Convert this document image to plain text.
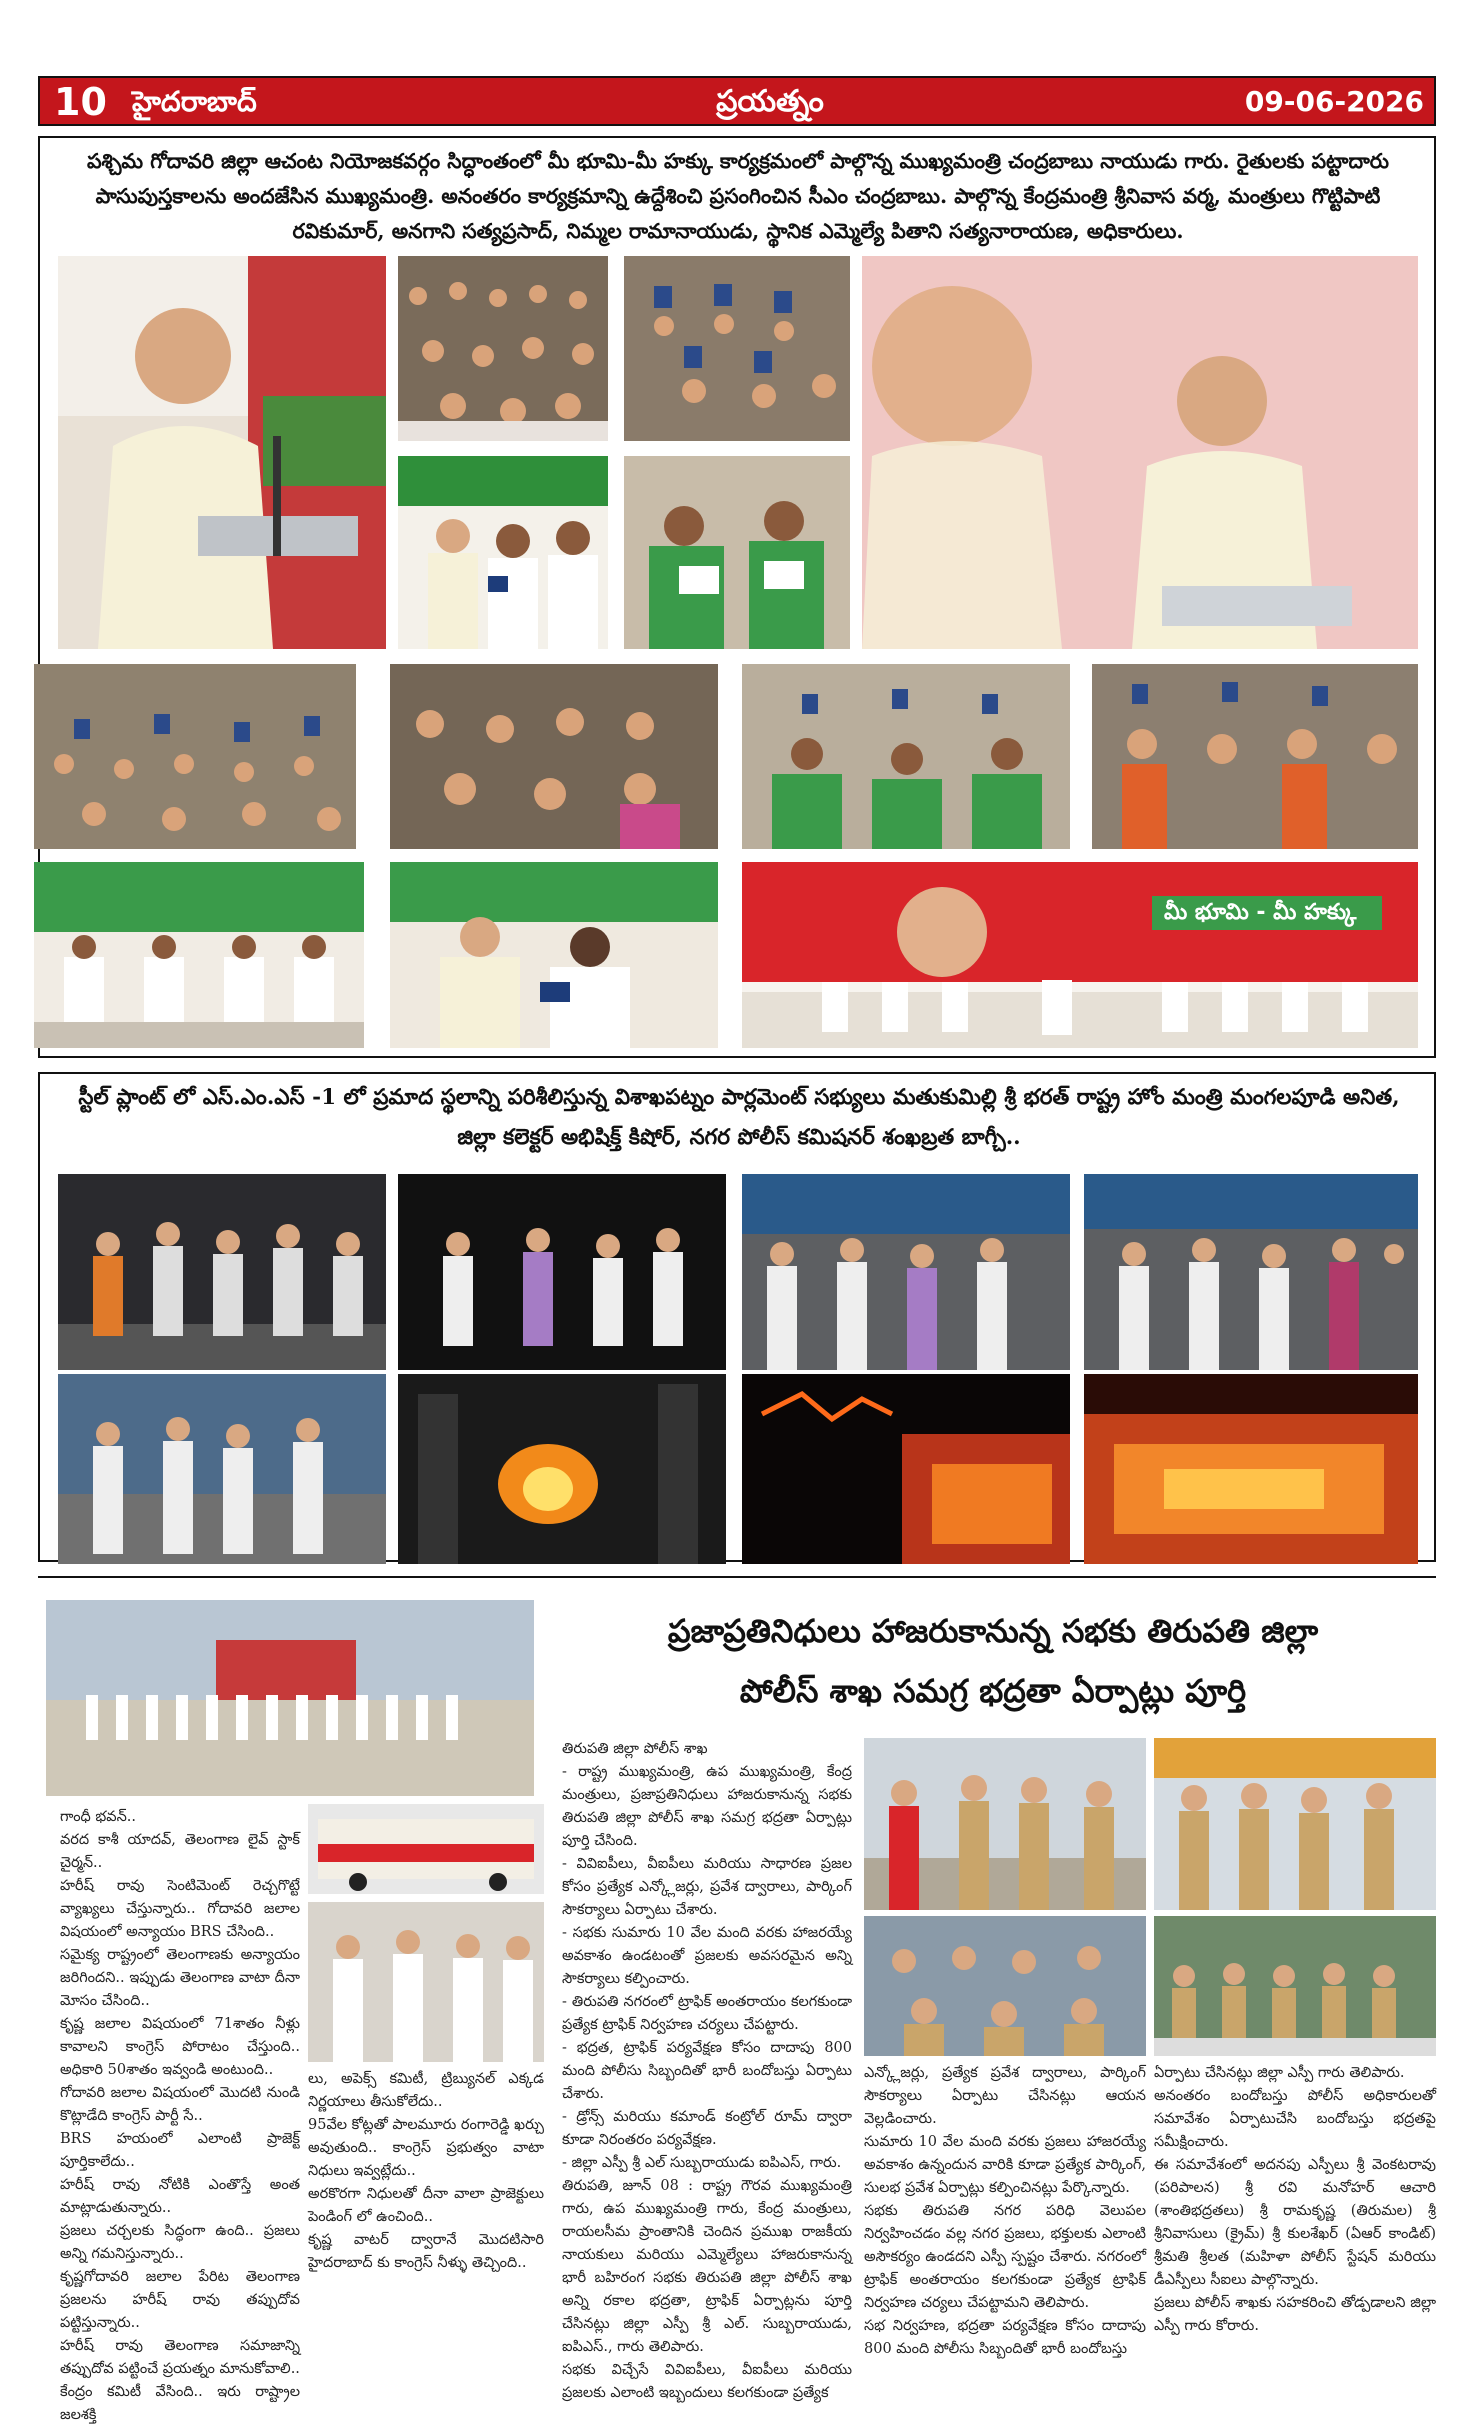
10 హైదరాబాద్	ప్రయత్నం	09-06-2026
పశ్చిమ గోదావరి జిల్లా ఆచంట నియోజకవర్గం సిద్ధాంతంలో మీ భూమి-మీ హక్కు కార్యక్రమంలో పాల్గొన్న ముఖ్యమంత్రి చంద్రబాబు నాయుడు గారు. రైతులకు పట్టాదారు పాసుపుస్తకాలను అందజేసిన ముఖ్యమంత్రి. అనంతరం కార్యక్రమాన్ని ఉద్దేశించి ప్రసంగించిన సీఎం చంద్రబాబు. పాల్గొన్న కేంద్రమంత్రి శ్రీనివాస వర్మ, మంత్రులు గొట్టిపాటి రవికుమార్, అనగాని సత్యప్రసాద్, నిమ్మల రామానాయుడు, స్థానిక ఎమ్మెల్యే పితాని సత్యనారాయణ, అధికారులు.
మీ భూమి - మీ హక్కు
స్టీల్ ప్లాంట్ లో ఎస్.ఎం.ఎస్ -1 లో ప్రమాద స్థలాన్ని పరిశీలిస్తున్న విశాఖపట్నం పార్లమెంట్ సభ్యులు మతుకుమిల్లి శ్రీ భరత్ రాష్ట్ర హోం మంత్రి మంగలపూడి అనిత, జిల్లా కలెక్టర్ అభిషిక్త్ కిషోర్, నగర పోలీస్ కమిషనర్ శంఖబ్రత బాగ్చీ..
ప్రజాప్రతినిధులు హాజరుకానున్న సభకు తిరుపతి జిల్లా
పోలీస్ శాఖ సమగ్ర భద్రతా ఏర్పాట్లు పూర్తి

గాంధీ భవన్..

వరద కాశీ యాదవ్, తెలంగాణ లైవ్ స్టాక్ చైర్మన్..

హరీష్ రావు సెంటిమెంట్ రెచ్చగొట్టే వ్యాఖ్యలు చేస్తున్నారు.. గోదావరి జలాల విషయంలో అన్యాయం BRS చేసింది..

సమైక్య రాష్ట్రంలో తెలంగాణకు అన్యాయం జరిగిందని.. ఇప్పుడు తెలంగాణ వాటా దీనా మోసం చేసింది..

కృష్ణ జలాల విషయంలో 71శాతం నీళ్లు కావాలని కాంగ్రెస్ పోరాటం చేస్తుంది.. అధికారి 50శాతం ఇవ్వండి అంటుంది..

గోదావరి జలాల విషయంలో మొదటి నుండి కొట్లాడేది కాంగ్రెస్ పార్టీ సే..

BRS హయంలో ఎలాంటి ప్రాజెక్ట్ పూర్తికాలేదు..

హరీష్ రావు నోటికి ఎంతొస్తే అంత మాట్లాడుతున్నారు..

ప్రజలు చర్చలకు సిద్ధంగా ఉంది.. ప్రజలు అన్ని గమనిస్తున్నారు..

కృష్ణగోదావరి జలాల పేరిట తెలంగాణ ప్రజలను హరీష్ రావు తప్పుదోవ పట్టిస్తున్నారు..

హరీష్ రావు తెలంగాణ సమాజాన్ని తప్పుదోవ పట్టించే ప్రయత్నం మానుకోవాలి..

కేంద్రం కమిటీ వేసింది.. ఇరు రాష్ట్రాల జలశక్తి

లు, అపెక్స్ కమిటీ, ట్రిబ్యునల్ ఎక్కడ నిర్ణయాలు తీసుకోలేదు..

95వేల కోట్లతో పాలమూరు రంగారెడ్డి ఖర్చు అవుతుంది.. కాంగ్రెస్ ప్రభుత్వం వాటా నిధులు ఇవ్వట్లేదు..

అరకొరగా నిధులతో దీనా వాలా ప్రాజెక్టులు పెండింగ్ లో ఉంచింది..

కృష్ణ వాటర్ ద్వారానే మొదటిసారి హైదరాబాద్ కు కాంగ్రెస్ నీళ్ళు తెచ్చింది..

తిరుపతి జిల్లా పోలీస్ శాఖ

- రాష్ట్ర ముఖ్యమంత్రి, ఉప ముఖ్యమంత్రి, కేంద్ర మంత్రులు, ప్రజాప్రతినిధులు హాజరుకానున్న సభకు తిరుపతి జిల్లా పోలీస్ శాఖ సమగ్ర భద్రతా ఏర్పాట్లు పూర్తి చేసింది.

- వివిఐపీలు, వీఐపీలు మరియు సాధారణ ప్రజల కోసం ప్రత్యేక ఎన్క్లోజర్లు, ప్రవేశ ద్వారాలు, పార్కింగ్ సౌకర్యాలు ఏర్పాటు చేశారు.

- సభకు సుమారు 10 వేల మంది వరకు హాజరయ్యే అవకాశం ఉండటంతో ప్రజలకు అవసరమైన అన్ని సౌకర్యాలు కల్పించారు.

- తిరుపతి నగరంలో ట్రాఫిక్ అంతరాయం కలగకుండా ప్రత్యేక ట్రాఫిక్ నిర్వహణ చర్యలు చేపట్టారు.

- భద్రత, ట్రాఫిక్ పర్యవేక్షణ కోసం దాదాపు 800 మంది పోలీసు సిబ్బందితో భారీ బందోబస్తు ఏర్పాటు చేశారు.

- డ్రోన్స్ మరియు కమాండ్ కంట్రోల్ రూమ్ ద్వారా కూడా నిరంతరం పర్యవేక్షణ.

- జిల్లా ఎస్పీ శ్రీ ఎల్ సుబ్బరాయుడు ఐపిఎస్, గారు.

తిరుపతి, జూన్ 08 : రాష్ట్ర గౌరవ ముఖ్యమంత్రి గారు, ఉప ముఖ్యమంత్రి గారు, కేంద్ర మంత్రులు, రాయలసీమ ప్రాంతానికి చెందిన ప్రముఖ రాజకీయ నాయకులు మరియు ఎమ్మెల్యేలు హాజరుకానున్న భారీ బహిరంగ సభకు తిరుపతి జిల్లా పోలీస్ శాఖ అన్ని రకాల భద్రతా, ట్రాఫిక్ ఏర్పాట్లను పూర్తి చేసినట్లు జిల్లా ఎస్పీ శ్రీ ఎల్. సుబ్బరాయుడు, ఐపిఎస్., గారు తెలిపారు.

సభకు విచ్చేసే వివిఐపీలు, వీఐపీలు మరియు ప్రజలకు ఎలాంటి ఇబ్బందులు కలగకుండా ప్రత్యేక

ఎన్క్లోజర్లు, ప్రత్యేక ప్రవేశ ద్వారాలు, పార్కింగ్ సౌకర్యాలు ఏర్పాటు చేసినట్లు ఆయన వెల్లడించారు.

సుమారు 10 వేల మంది వరకు ప్రజలు హాజరయ్యే అవకాశం ఉన్నందున వారికి కూడా ప్రత్యేక పార్కింగ్, సులభ ప్రవేశ ఏర్పాట్లు కల్పించినట్లు పేర్కొన్నారు.

సభకు తిరుపతి నగర పరిధి వెలుపల నిర్వహించడం వల్ల నగర ప్రజలు, భక్తులకు ఎలాంటి అసౌకర్యం ఉండదని ఎస్పీ స్పష్టం చేశారు. నగరంలో ట్రాఫిక్ అంతరాయం కలగకుండా ప్రత్యేక ట్రాఫిక్ నిర్వహణ చర్యలు చేపట్టామని తెలిపారు.

సభ నిర్వహణ, భద్రతా పర్యవేక్షణ కోసం దాదాపు 800 మంది పోలీసు సిబ్బందితో భారీ బందోబస్తు

ఏర్పాటు చేసినట్లు జిల్లా ఎస్పీ గారు తెలిపారు.

అనంతరం బందోబస్తు పోలీస్ అధికారులతో సమావేశం ఏర్పాటుచేసి బందోబస్తు భద్రతపై సమీక్షించారు.

ఈ సమావేశంలో అదనపు ఎస్పీలు శ్రీ వెంకటరావు (పరిపాలన) శ్రీ రవి మనోహర్ ఆచారి (శాంతిభద్రతలు) శ్రీ రామకృష్ణ (తిరుమల) శ్రీ శ్రీనివాసులు (క్రైమ్) శ్రీ కులశేఖర్ (ఏఆర్ కాండిట్) శ్రీమతి శ్రీలత (మహిళా పోలీస్ స్టేషన్ మరియు డీఎస్పీలు సీఐలు పాల్గొన్నారు.

ప్రజలు పోలీస్ శాఖకు సహకరించి తోడ్పడాలని జిల్లా ఎస్పీ గారు కోరారు.
